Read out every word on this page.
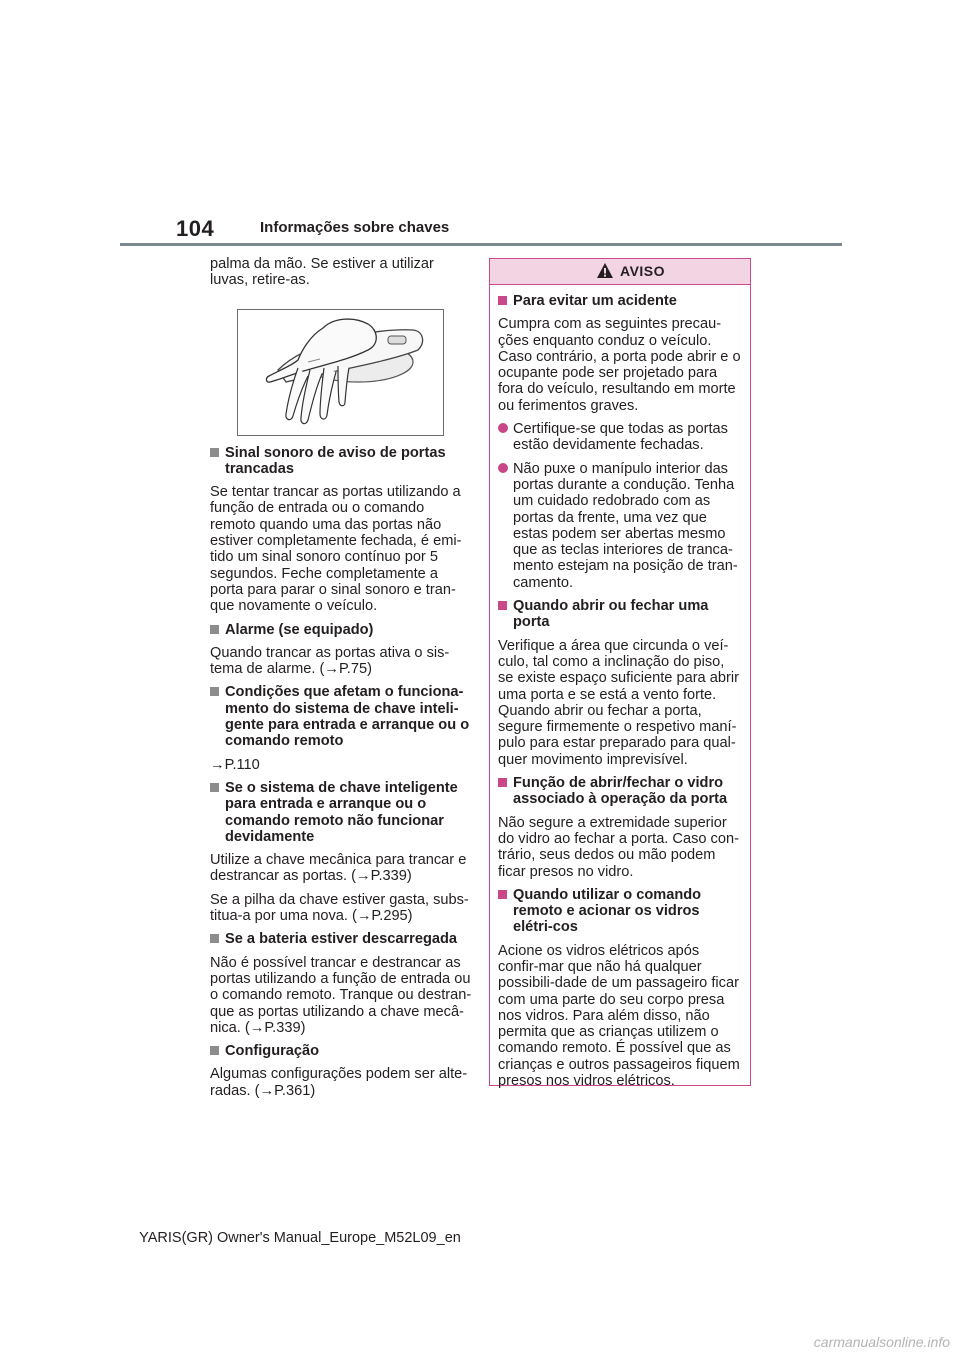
104	Informações sobre chaves

palma da mão. Se estiver a utilizar luvas, retire-as.

Sinal sonoro de aviso de portas trancadas

Se tentar trancar as portas utilizando a função de entrada ou o comando remoto quando uma das portas não estiver completamente fechada, é emi-tido um sinal sonoro contínuo por 5 segundos. Feche completamente a porta para parar o sinal sonoro e tran-que novamente o veículo.

Alarme (se equipado)

Quando trancar as portas ativa o sis-tema de alarme. (→P.75)

Condições que afetam o funciona-mento do sistema de chave inteli-gente para entrada e arranque ou o comando remoto

→P.110

Se o sistema de chave inteligente para entrada e arranque ou o comando remoto não funcionar devidamente

Utilize a chave mecânica para trancar e destrancar as portas. (→P.339)

Se a pilha da chave estiver gasta, subs-titua-a por uma nova. (→P.295)

Se a bateria estiver descarregada

Não é possível trancar e destrancar as portas utilizando a função de entrada ou o comando remoto. Tranque ou destran-que as portas utilizando a chave mecâ-nica. (→P.339)

Configuração

Algumas configurações podem ser alte-radas. (→P.361)

AVISO

Para evitar um acidente

Cumpra com as seguintes precau-ções enquanto conduz o veículo. Caso contrário, a porta pode abrir e o ocupante pode ser projetado para fora do veículo, resultando em morte ou ferimentos graves.

Certifique-se que todas as portas estão devidamente fechadas.

Não puxe o manípulo interior das portas durante a condução. Tenha um cuidado redobrado com as portas da frente, uma vez que estas podem ser abertas mesmo que as teclas interiores de tranca-mento estejam na posição de tran-camento.

Quando abrir ou fechar uma porta

Verifique a área que circunda o veí-culo, tal como a inclinação do piso, se existe espaço suficiente para abrir uma porta e se está a vento forte. Quando abrir ou fechar a porta, segure firmemente o respetivo maní-pulo para estar preparado para qual-quer movimento imprevisível.

Função de abrir/fechar o vidro associado à operação da porta

Não segure a extremidade superior do vidro ao fechar a porta. Caso con-trário, seus dedos ou mão podem ficar presos no vidro.

Quando utilizar o comando remoto e acionar os vidros elétri-cos

Acione os vidros elétricos após confir-mar que não há qualquer possibili-dade de um passageiro ficar com uma parte do seu corpo presa nos vidros. Para além disso, não permita que as crianças utilizem o comando remoto. É possível que as crianças e outros passageiros fiquem presos nos vidros elétricos.

YARIS(GR) Owner's Manual_Europe_M52L09_en
carmanualsonline.info
